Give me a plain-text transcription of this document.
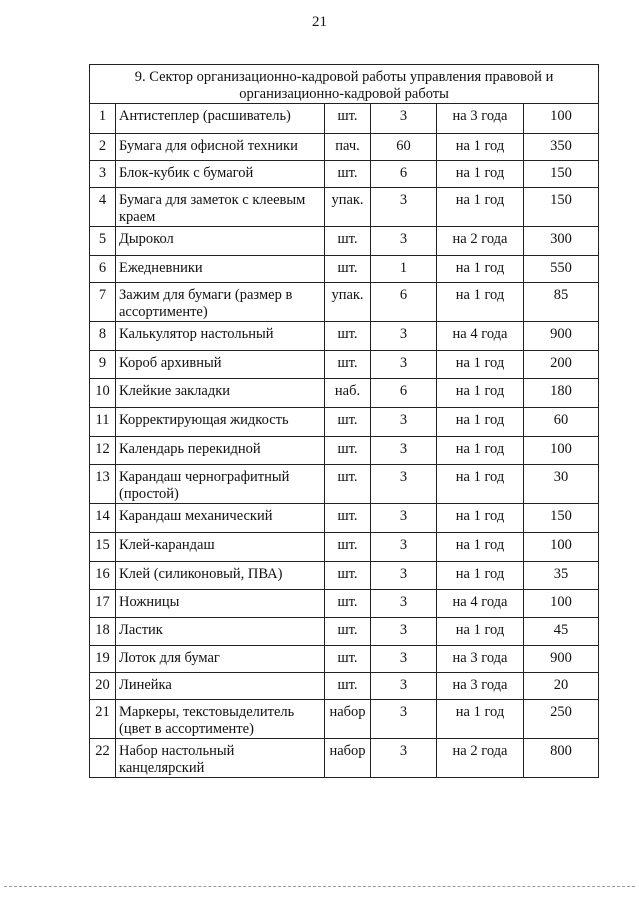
21
9. Сектор организационно-кадровой работы управления правовой и организационно-кадровой работы					
1	Антистеплер (расшиватель)	шт.	3	на 3 года	100
2	Бумага для офисной техники	пач.	60	на 1 год	350
3	Блок-кубик с бумагой	шт.	6	на 1 год	150
4	Бумага для заметок с клеевым краем	упак.	3	на 1 год	150
5	Дырокол	шт.	3	на 2 года	300
6	Ежедневники	шт.	1	на 1 год	550
7	Зажим для бумаги (размер в ассортименте)	упак.	6	на 1 год	85
8	Калькулятор настольный	шт.	3	на 4 года	900
9	Короб архивный	шт.	3	на 1 год	200
10	Клейкие закладки	наб.	6	на 1 год	180
11	Корректирующая жидкость	шт.	3	на 1 год	60
12	Календарь перекидной	шт.	3	на 1 год	100
13	Карандаш чернографитный (простой)	шт.	3	на 1 год	30
14	Карандаш механический	шт.	3	на 1 год	150
15	Клей-карандаш	шт.	3	на 1 год	100
16	Клей (силиконовый, ПВА)	шт.	3	на 1 год	35
17	Ножницы	шт.	3	на 4 года	100
18	Ластик	шт.	3	на 1 год	45
19	Лоток для бумаг	шт.	3	на 3 года	900
20	Линейка	шт.	3	на 3 года	20
21	Маркеры, текстовыделитель (цвет в ассортименте)	набор	3	на 1 год	250
22	Набор настольный канцелярский	набор	3	на 2 года	800
